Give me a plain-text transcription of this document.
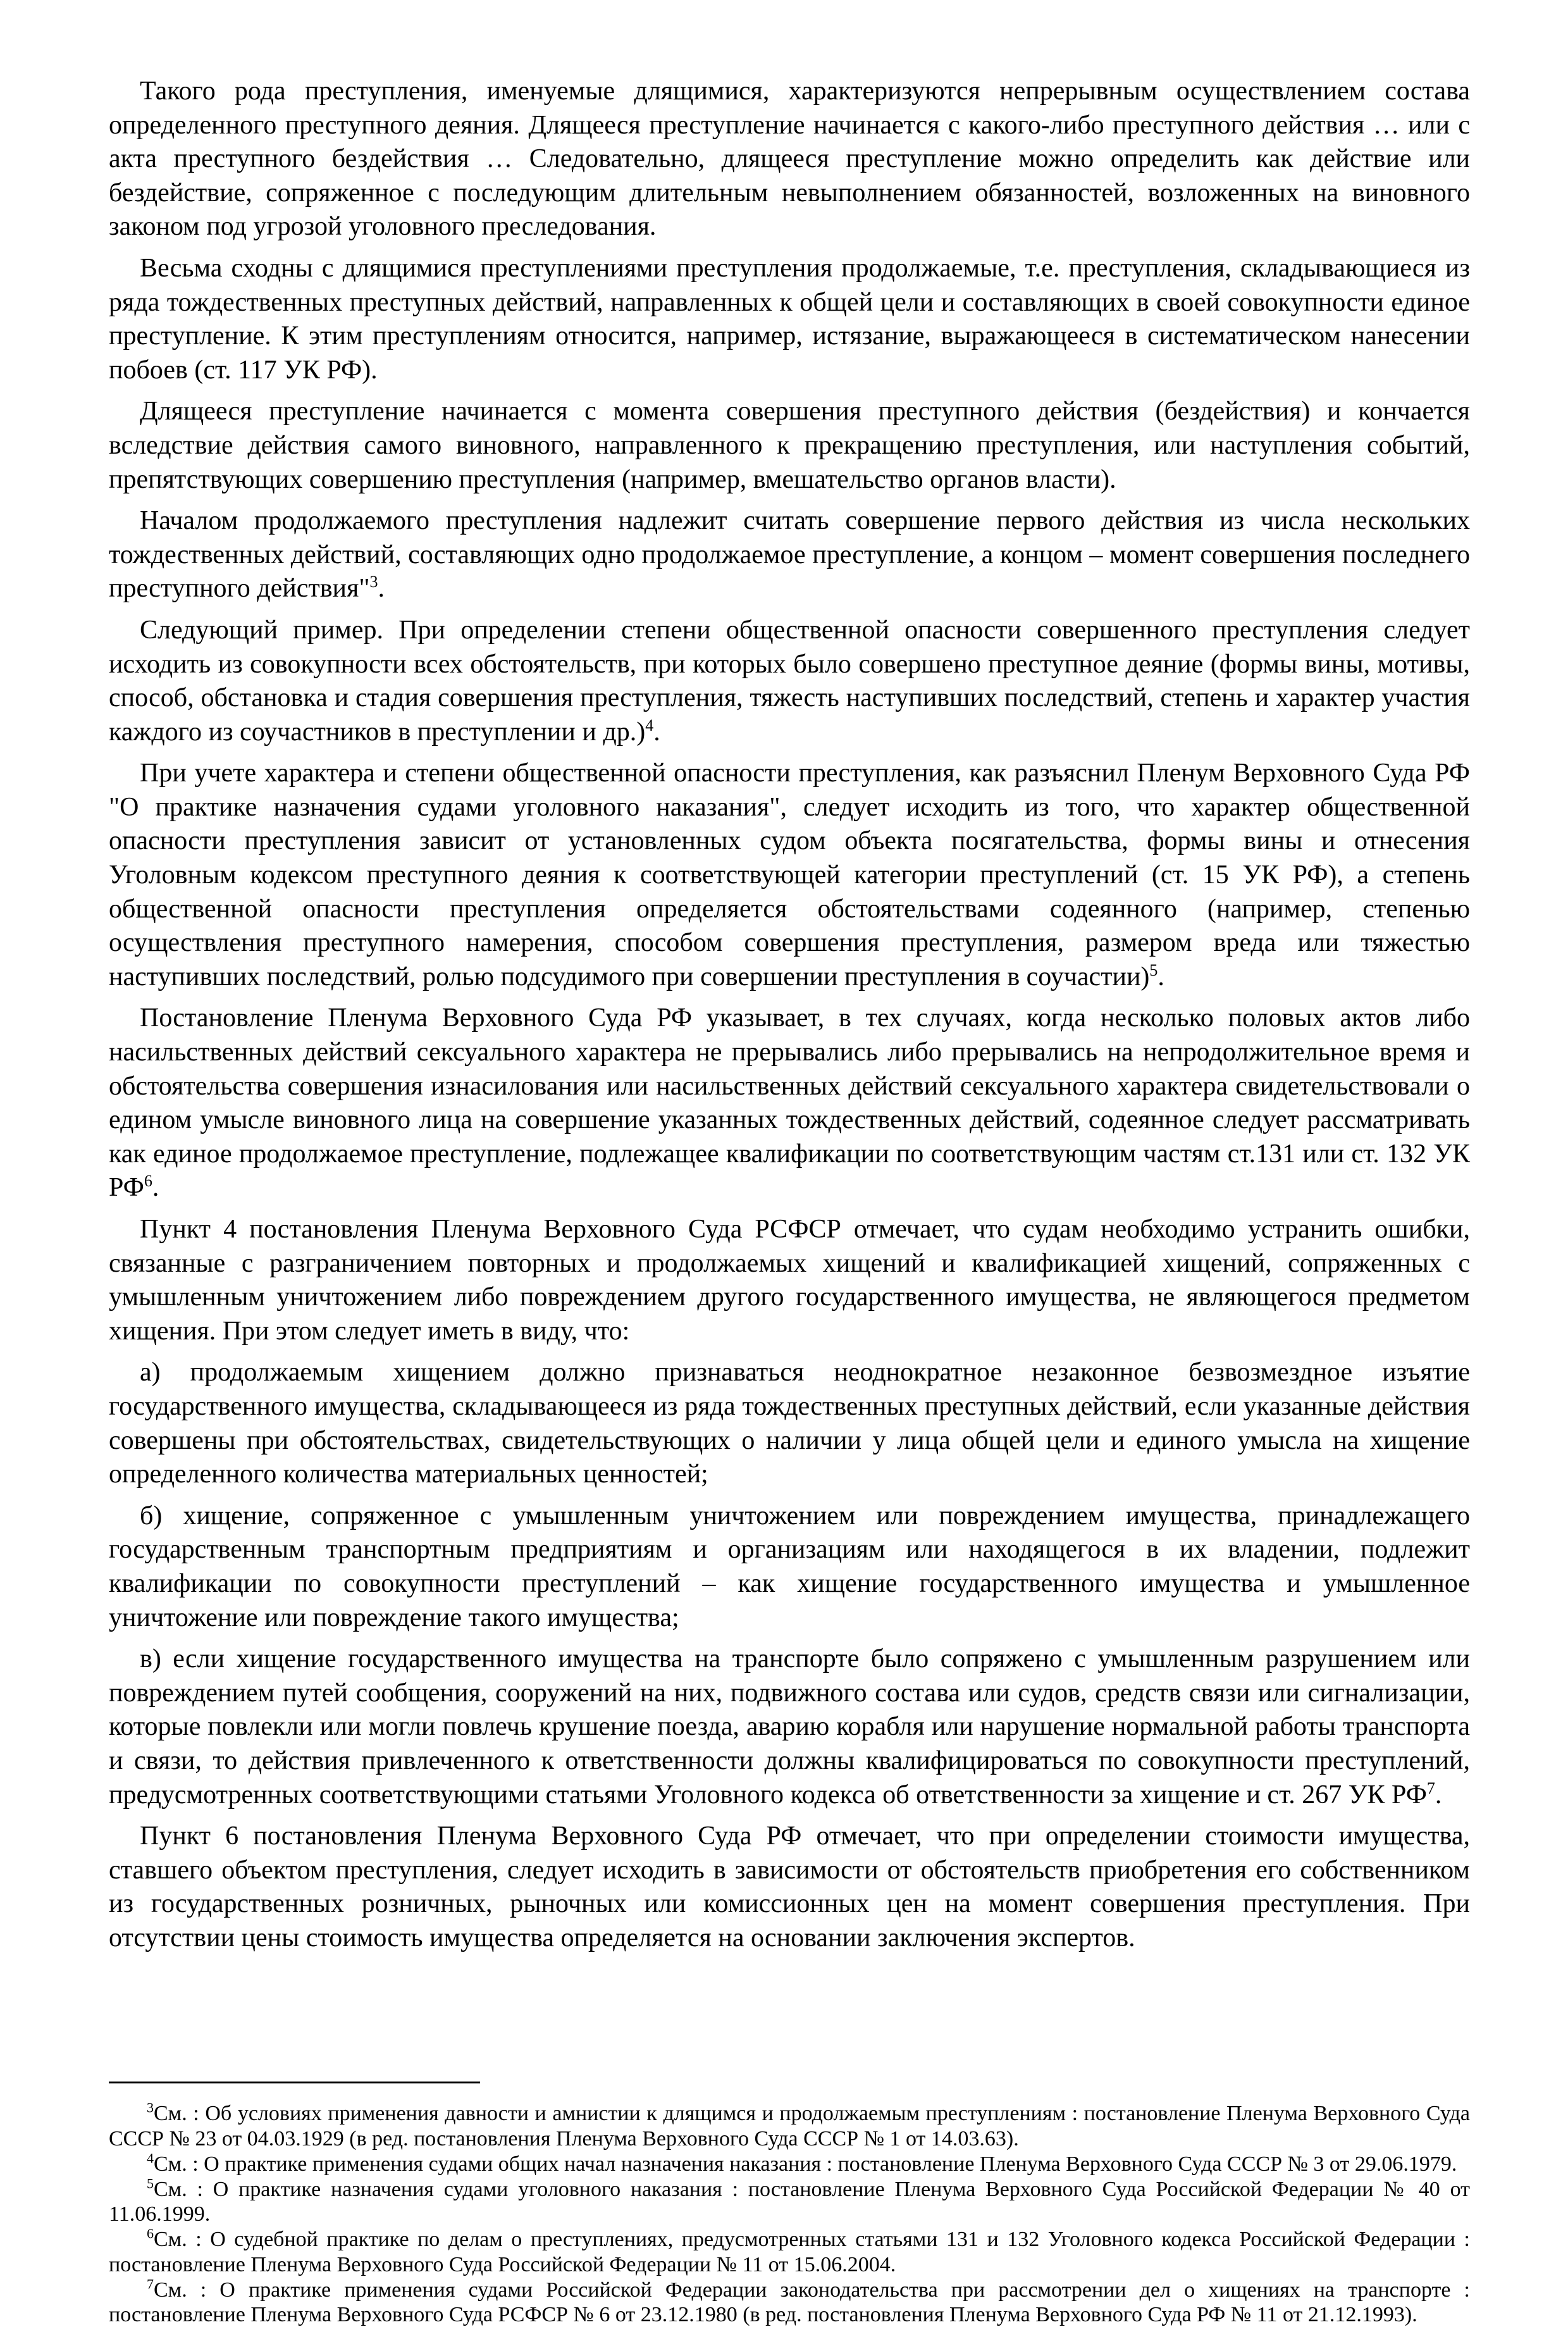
Такого рода преступления, именуемые длящимися, характеризуются непрерывным осуществлением состава определенного преступного деяния. Длящееся преступление начинается с какого-либо преступного действия … или с акта преступного бездействия … Следовательно, длящееся преступление можно определить как действие или бездействие, сопряженное с последующим длительным невыполнением обязанностей, возложенных на виновного законом под угрозой уголовного преследования.

Весьма сходны с длящимися преступлениями преступления продолжаемые, т.е. преступления, складывающиеся из ряда тождественных преступных действий, направленных к общей цели и составляющих в своей совокупности единое преступление. К этим преступлениям относится, например, истязание, выражающееся в систематическом нанесении побоев (ст. 117 УК РФ).

Длящееся преступление начинается с момента совершения преступного действия (бездействия) и кончается вследствие действия самого виновного, направленного к прекращению преступления, или наступления событий, препятствующих совершению преступления (например, вмешательство органов власти).

Началом продолжаемого преступления надлежит считать совершение первого действия из числа нескольких тождественных действий, составляющих одно продолжаемое преступление, а концом – момент совершения последнего преступного действия"$^3$.

Следующий пример. При определении степени общественной опасности совершенного преступления следует исходить из совокупности всех обстоятельств, при которых было совершено преступное деяние (формы вины, мотивы, способ, обстановка и стадия совершения преступления, тяжесть наступивших последствий, степень и характер участия каждого из соучастников в преступлении и др.)$^4$.

При учете характера и степени общественной опасности преступления, как разъяснил Пленум Верховного Суда РФ "О практике назначения судами уголовного наказания", следует исходить из того, что характер общественной опасности преступления зависит от установленных судом объекта посягательства, формы вины и отнесения Уголовным кодексом преступного деяния к соответствующей категории преступлений (ст. 15 УК РФ), а степень общественной опасности преступления определяется обстоятельствами содеянного (например, степенью осуществления преступного намерения, способом совершения преступления, размером вреда или тяжестью наступивших последствий, ролью подсудимого при совершении преступления в соучастии)$^5$.

Постановление Пленума Верховного Суда РФ указывает, в тех случаях, когда несколько половых актов либо насильственных действий сексуального характера не прерывались либо прерывались на непродолжительное время и обстоятельства совершения изнасилования или насильственных действий сексуального характера свидетельствовали о едином умысле виновного лица на совершение указанных тождественных действий, содеянное следует рассматривать как единое продолжаемое преступление, подлежащее квалификации по соответствующим частям ст.131 или ст. 132 УК $РФ^6$.

Пункт 4 постановления Пленума Верховного Суда РСФСР отмечает, что судам необходимо устранить ошибки, связанные с разграничением повторных и продолжаемых хищений и квалификацией хищений, сопряженных с умышленным уничтожением либо повреждением другого государственного имущества, не являющегося предметом хищения. При этом следует иметь в виду, что:

а) продолжаемым хищением должно признаваться неоднократное незаконное безвозмездное изъятие государственного имущества, складывающееся из ряда тождественных преступных действий, если указанные действия совершены при обстоятельствах, свидетельствующих о наличии у лица общей цели и единого умысла на хищение определенного количества материальных ценностей;

б) хищение, сопряженное с умышленным уничтожением или повреждением имущества, принадлежащего государственным транспортным предприятиям и организациям или находящегося в их владении, подлежит квалификации по совокупности преступлений – как хищение государственного имущества и умышленное уничтожение или повреждение такого имущества;

в) если хищение государственного имущества на транспорте было сопряжено с умышленным разрушением или повреждением путей сообщения, сооружений на них, подвижного состава или судов, средств связи или сигнализации, которые повлекли или могли повлечь крушение поезда, аварию корабля или нарушение нормальной работы транспорта и связи, то действия привлеченного к ответственности должны квалифицироваться по совокупности преступлений, предусмотренных соответствующими статьями Уголовного кодекса об ответственности за хищение и ст. 267 УК $РФ^7$.

Пункт 6 постановления Пленума Верховного Суда РФ отмечает, что при определении стоимости имущества, ставшего объектом преступления, следует исходить в зависимости от обстоятельств приобретения его собственником из государственных розничных, рыночных или комиссионных цен на момент совершения преступления. При отсутствии цены стоимость имущества определяется на основании заключения экспертов.

$^3$См. : Об условиях применения давности и амнистии к длящимся и продолжаемым преступлениям : постановление Пленума Верховного Суда СССР № 23 от 04.03.1929 (в ред. постановления Пленума Верховного Суда СССР № 1 от 14.03.63).

$^4$См. : О практике применения судами общих начал назначения наказания : постановление Пленума Верховного Суда СССР № 3 от 29.06.1979.

$^5$См. : О практике назначения судами уголовного наказания : постановление Пленума Верховного Суда Российской Федерации № 40 от 11.06.1999.

$^6$См. : О судебной практике по делам о преступлениях, предусмотренных статьями 131 и 132 Уголовного кодекса Российской Федерации : постановление Пленума Верховного Суда Российской Федерации № 11 от 15.06.2004.

$^7$См. : О практике применения судами Российской Федерации законодательства при рассмотрении дел о хищениях на транспорте : постановление Пленума Верховного Суда РСФСР № 6 от 23.12.1980 (в ред. постановления Пленума Верховного Суда РФ № 11 от 21.12.1993).
